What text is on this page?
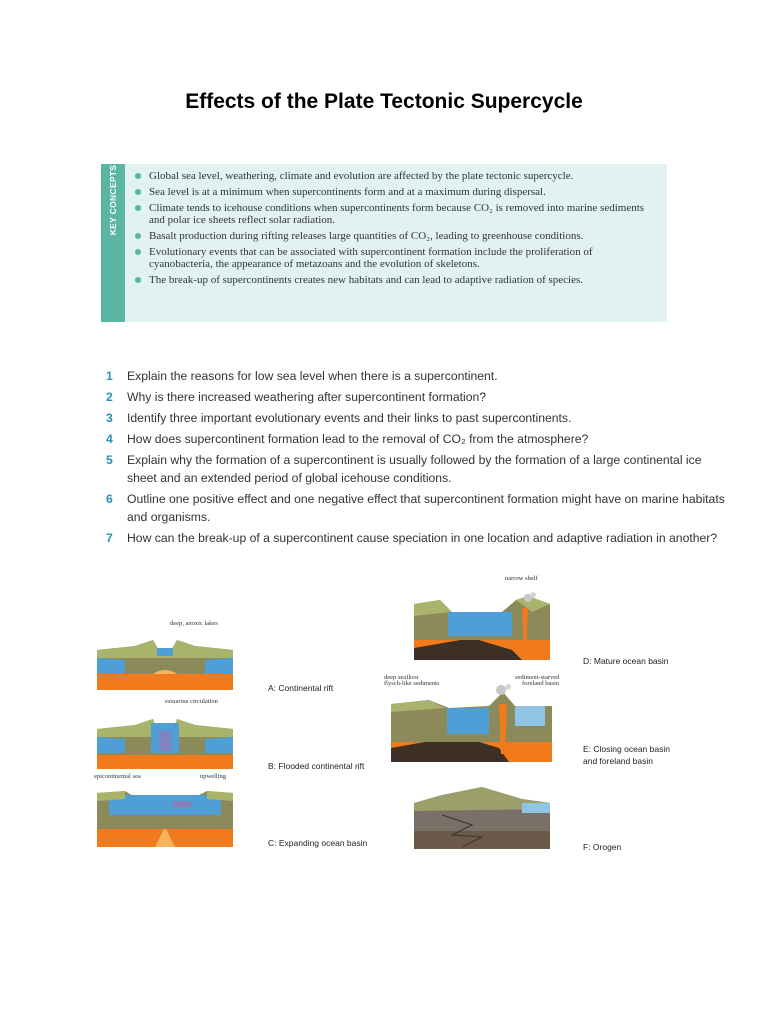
Effects of the Plate Tectonic Supercycle
KEY CONCEPTS	Global sea level, weathering, climate and evolution are affected by the plate tectonic supercycle.
Sea level is at a minimum when supercontinents form and at a maximum during dispersal.
Climate tends to icehouse conditions when supercontinents form because CO₂ is removed into marine sediments and polar ice sheets reflect solar radiation.
Basalt production during rifting releases large quantities of CO₂, leading to greenhouse conditions.
Evolutionary events that can be associated with supercontinent formation include the proliferation of cyanobacteria, the appearance of metazoans and the evolution of skeletons.
The break-up of supercontinents creates new habitats and can lead to adaptive radiation of species.
1	Explain the reasons for low sea level when there is a supercontinent.
2	Why is there increased weathering after supercontinent formation?
3	Identify three important evolutionary events and their links to past supercontinents.
4	How does supercontinent formation lead to the removal of CO₂ from the atmosphere?
5	Explain why the formation of a supercontinent is usually followed by the formation of a large continental ice sheet and an extended period of global icehouse conditions.
6	Outline one positive effect and one negative effect that supercontinent formation might have on marine habitats and organisms.
7	How can the break-up of a supercontinent cause speciation in one location and adaptive radiation in another?
deep, anoxic lakes
A: Continental rift
estuarine circulation
B: Flooded continental rift
epicontinental sea	upwelling
C: Expanding ocean basin
narrow shelf
D: Mature ocean basin
deep seafloor
flysch-like sediments
sediment-starved
foreland basin
E: Closing ocean basin
and foreland basin
F: Orogen
